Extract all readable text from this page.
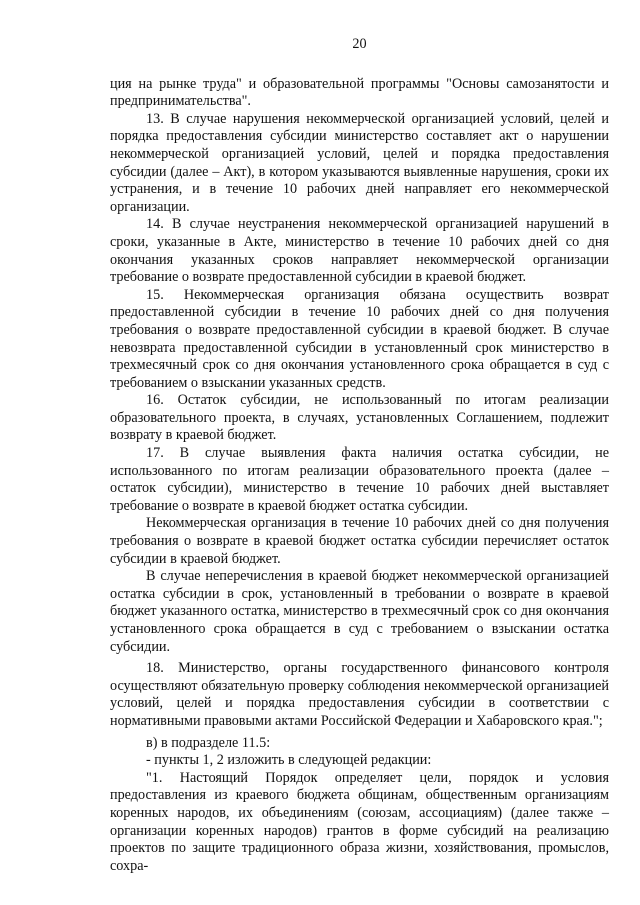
20

ция на рынке труда" и образовательной программы "Основы самозанятости и предпринимательства".

13. В случае нарушения некоммерческой организацией условий, целей и порядка предоставления субсидии министерство составляет акт о нарушении некоммерческой организацией условий, целей и порядка предоставления субсидии (далее – Акт), в котором указываются выявленные нарушения, сроки их устранения, и в течение 10 рабочих дней направляет его некоммерческой организации.

14. В случае неустранения некоммерческой организацией нарушений в сроки, указанные в Акте, министерство в течение 10 рабочих дней со дня окончания указанных сроков направляет некоммерческой организации требование о возврате предоставленной субсидии в краевой бюджет.

15. Некоммерческая организация обязана осуществить возврат предоставленной субсидии в течение 10 рабочих дней со дня получения требования о возврате предоставленной субсидии в краевой бюджет. В случае невозврата предоставленной субсидии в установленный срок министерство в трехмесячный срок со дня окончания установленного срока обращается в суд с требованием о взыскании указанных средств.

16. Остаток субсидии, не использованный по итогам реализации образовательного проекта, в случаях, установленных Соглашением, подлежит возврату в краевой бюджет.

17. В случае выявления факта наличия остатка субсидии, не использованного по итогам реализации образовательного проекта (далее – остаток субсидии), министерство в течение 10 рабочих дней выставляет требование о возврате в краевой бюджет остатка субсидии.

Некоммерческая организация в течение 10 рабочих дней со дня получения требования о возврате в краевой бюджет остатка субсидии перечисляет остаток субсидии в краевой бюджет.

В случае неперечисления в краевой бюджет некоммерческой организацией остатка субсидии в срок, установленный в требовании о возврате в краевой бюджет указанного остатка, министерство в трехмесячный срок со дня окончания установленного срока обращается в суд с требованием о взыскании остатка субсидии.

18. Министерство, органы государственного финансового контроля осуществляют обязательную проверку соблюдения некоммерческой организацией условий, целей и порядка предоставления субсидии в соответствии с нормативными правовыми актами Российской Федерации и Хабаровского края.";

в) в подразделе 11.5:

- пункты 1, 2 изложить в следующей редакции:

"1. Настоящий Порядок определяет цели, порядок и условия предоставления из краевого бюджета общинам, общественным организациям коренных народов, их объединениям (союзам, ассоциациям) (далее также – организации коренных народов) грантов в форме субсидий на реализацию проектов по защите традиционного образа жизни, хозяйствования, промыслов, сохра-
